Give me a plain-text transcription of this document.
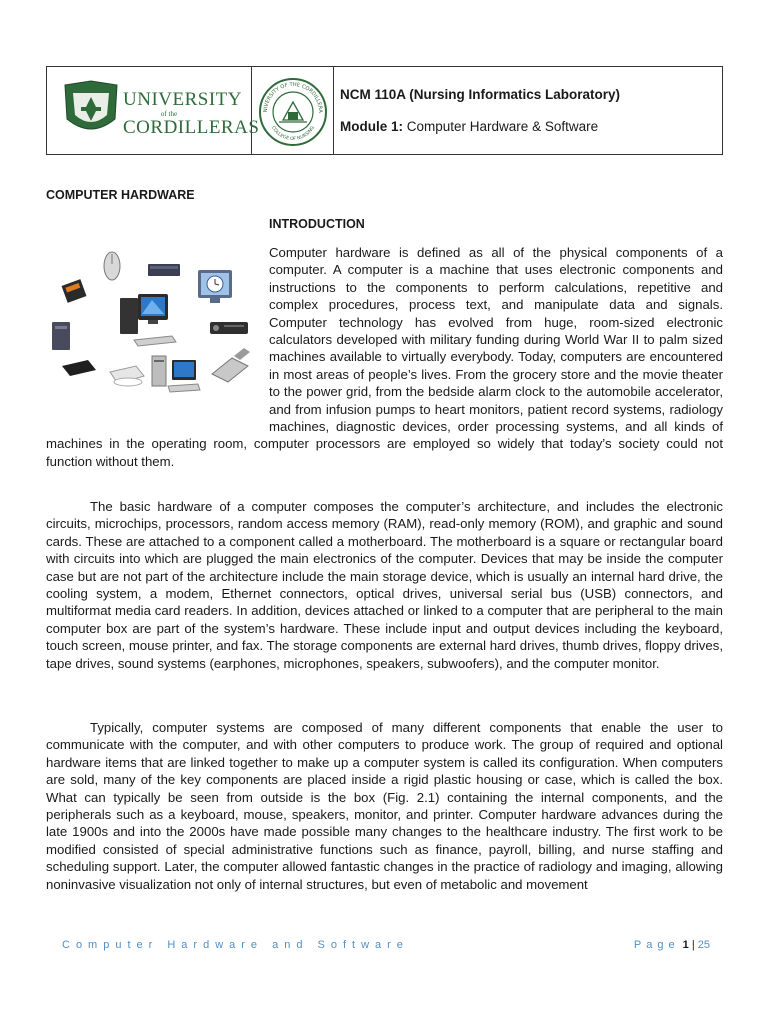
UNIVERSITY
of the
CORDILLERAS
NIVERSITY OF THE CORDILLERA
COLLEGE OF NURSING

NCM 110A (Nursing Informatics Laboratory)

Module 1: Computer Hardware & Software

COMPUTER HARDWARE
INTRODUCTION
Computer hardware is defined as all of the physical components of a computer. A computer is a machine that uses electronic components and instructions to the components to perform calculations, repetitive and complex procedures, process text, and manipulate data and signals. Computer technology has evolved from huge, room-sized electronic calculators developed with military funding during World War II to palm sized machines available to virtually everybody. Today, computers are encountered in most areas of people’s lives. From the grocery store and the movie theater to the power grid, from the bedside alarm clock to the automobile accelerator, and from infusion pumps to heart monitors, patient record systems, radiology machines, diagnostic devices, order processing systems, and all kinds of machines in the operating room, computer processors are employed so widely that today’s society could not function without them.

The basic hardware of a computer composes the computer’s architecture, and includes the electronic circuits, microchips, processors, random access memory (RAM), read-only memory (ROM), and graphic and sound cards. These are attached to a component called a motherboard. The motherboard is a square or rectangular board with circuits into which are plugged the main electronics of the computer. Devices that may be inside the computer case but are not part of the architecture include the main storage device, which is usually an internal hard drive, the cooling system, a modem, Ethernet connectors, optical drives, universal serial bus (USB) connectors, and multiformat media card readers. In addition, devices attached or linked to a computer that are peripheral to the main computer box are part of the system’s hardware. These include input and output devices including the keyboard, touch screen, mouse printer, and fax. The storage components are external hard drives, thumb drives, floppy drives, tape drives, sound systems (earphones, microphones, speakers, subwoofers), and the computer monitor.

Typically, computer systems are composed of many different components that enable the user to communicate with the computer, and with other computers to produce work. The group of required and optional hardware items that are linked together to make up a computer system is called its configuration. When computers are sold, many of the key components are placed inside a rigid plastic housing or case, which is called the box. What can typically be seen from outside is the box (Fig. 2.1) containing the internal components, and the peripherals such as a keyboard, mouse, speakers, monitor, and printer. Computer hardware advances during the late 1900s and into the 2000s have made possible many changes to the healthcare industry. The first work to be modified consisted of special administrative functions such as finance, payroll, billing, and nurse staffing and scheduling support. Later, the computer allowed fantastic changes in the practice of radiology and imaging, allowing noninvasive visualization not only of internal structures, but even of metabolic and movement

Computer Hardware and Software	Page 1 | 25
